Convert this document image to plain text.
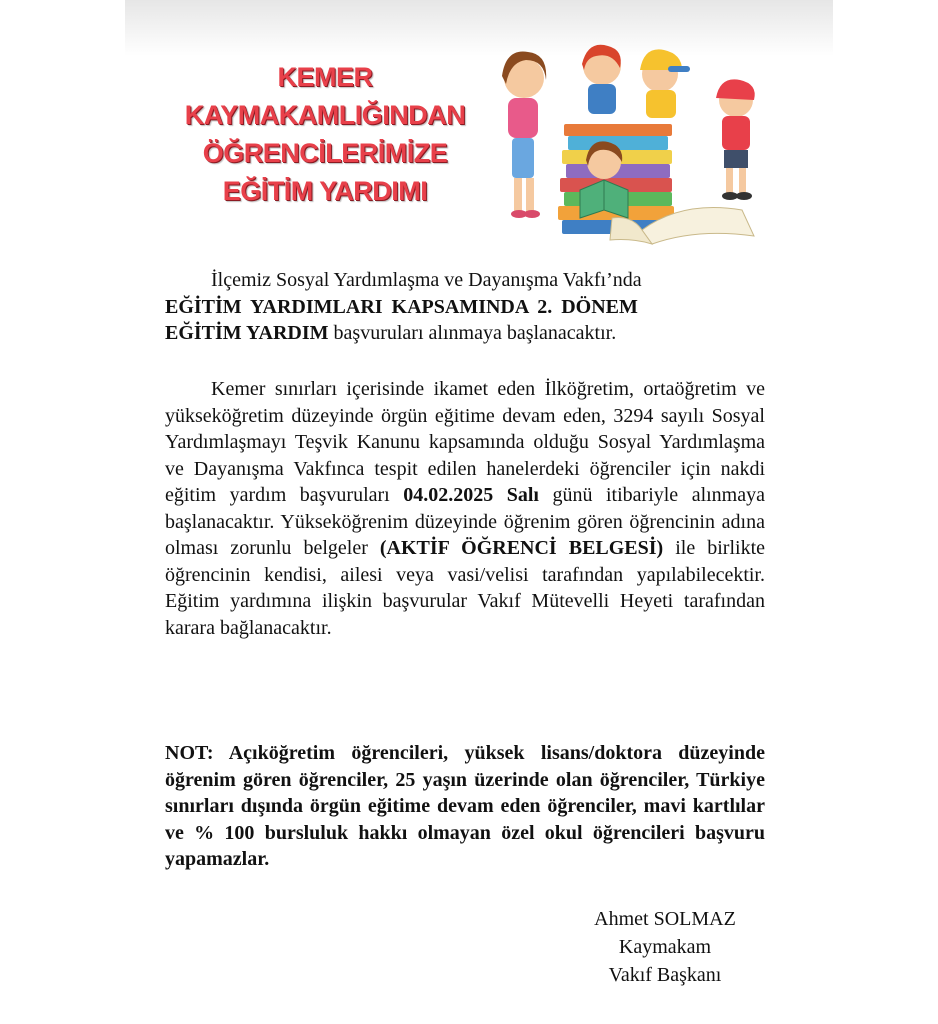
KEMER
KAYMAKAMLIĞINDAN
ÖĞRENCİLERİMİZE
EĞİTİM YARDIMI
İlçemiz Sosyal Yardımlaşma ve Dayanışma Vakfı’nda
EĞİTİM YARDIMLARI KAPSAMINDA 2. DÖNEM
EĞİTİM YARDIM başvuruları alınmaya başlanacaktır.
Kemer sınırları içerisinde ikamet eden İlköğretim, ortaöğretim ve yükseköğretim düzeyinde örgün eğitime devam eden, 3294 sayılı Sosyal Yardımlaşmayı Teşvik Kanunu kapsamında olduğu Sosyal Yardımlaşma ve Dayanışma Vakfınca tespit edilen hanelerdeki öğrenciler için nakdi eğitim yardım başvuruları 04.02.2025 Salı günü itibariyle alınmaya başlanacaktır. Yükseköğrenim düzeyinde öğrenim gören öğrencinin adına olması zorunlu belgeler (AKTİF ÖĞRENCİ BELGESİ) ile birlikte öğrencinin kendisi, ailesi veya vasi/velisi tarafından yapılabilecektir. Eğitim yardımına ilişkin başvurular Vakıf Mütevelli Heyeti tarafından karara bağlanacaktır.
NOT: Açıköğretim öğrencileri, yüksek lisans/doktora düzeyinde öğrenim gören öğrenciler, 25 yaşın üzerinde olan öğrenciler, Türkiye sınırları dışında örgün eğitime devam eden öğrenciler, mavi kartlılar ve % 100 bursluluk hakkı olmayan özel okul öğrencileri başvuru yapamazlar.
Ahmet SOLMAZ
Kaymakam
Vakıf Başkanı
